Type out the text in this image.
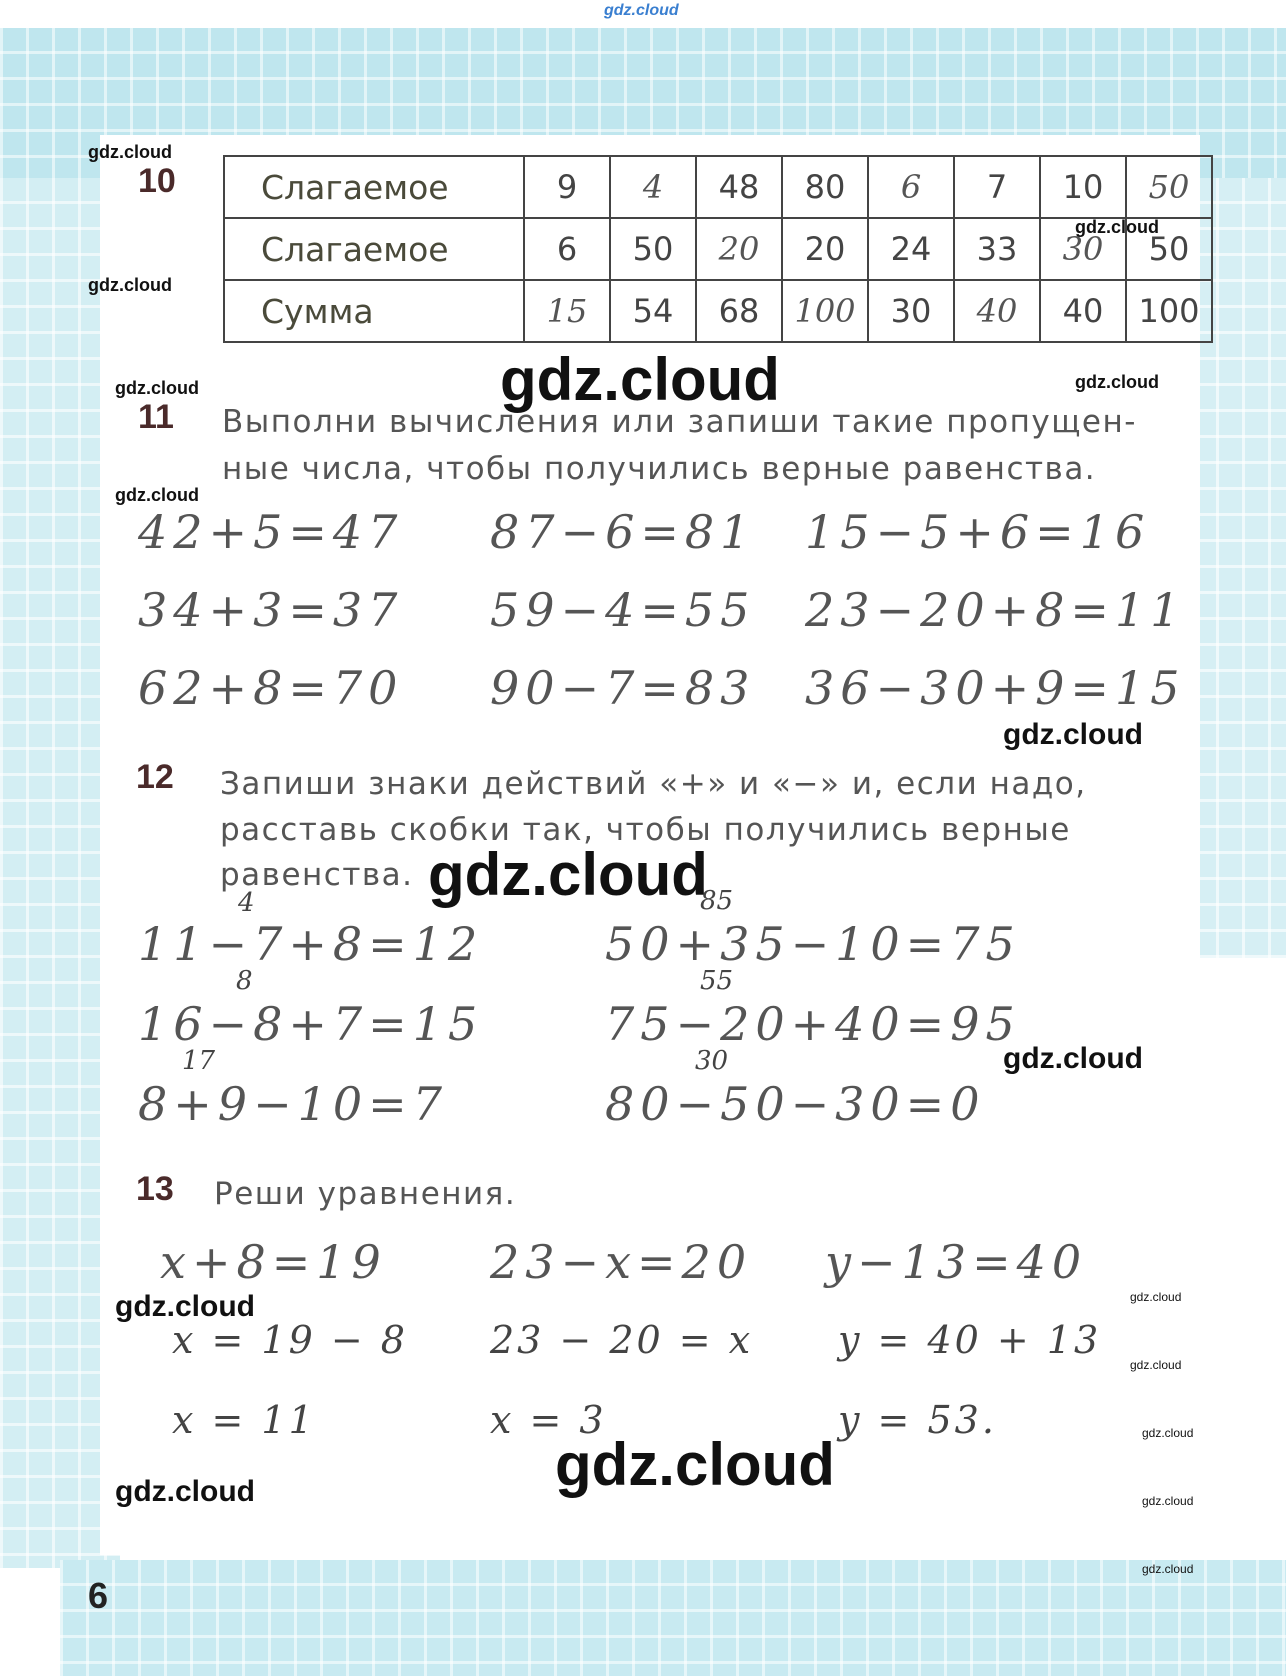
gdz.cloud
gdz.cloud
gdz.cloud
gdz.cloud
gdz.cloud
gdz.cloud
gdz.cloud	gdz.cloud
gdz.cloud
gdz.cloud
gdz.cloud
gdz.cloud
gdz.cloud
gdz.cloud
gdz.cloud
gdz.cloud
gdz.cloud
gdz.cloud
gdz.cloud
10	Слагаемое	9	4	48	80	6	7	10	50
Слагаемое	6	50	20	20	24	33	30	50
Сумма	15	54	68	100	30	40	40	100
11 Выполни вычисления или запиши такие пропущен-
ные числа, чтобы получились верные равенства.
42+5=47 87−6=81 15−5+6=16
34+3=37 59−4=55 23−20+8=11
62+8=70 90−7=83 36−30+9=15
12 Запиши знаки действий «+» и «−» и, если надо,
расставь скобки так, чтобы получились верные
равенства.
4
8
17
85
55
30
11−7+8=12
16−8+7=15
8+9−10=7
50+35−10=75
75−20+40=95
80−50−30=0
13 Реши уравнения.
x+8=19 23−x=20 y−13=40
x = 19 − 8 23 − 20 = x y = 40 + 13
x = 11	x = 3	y = 53.
6
